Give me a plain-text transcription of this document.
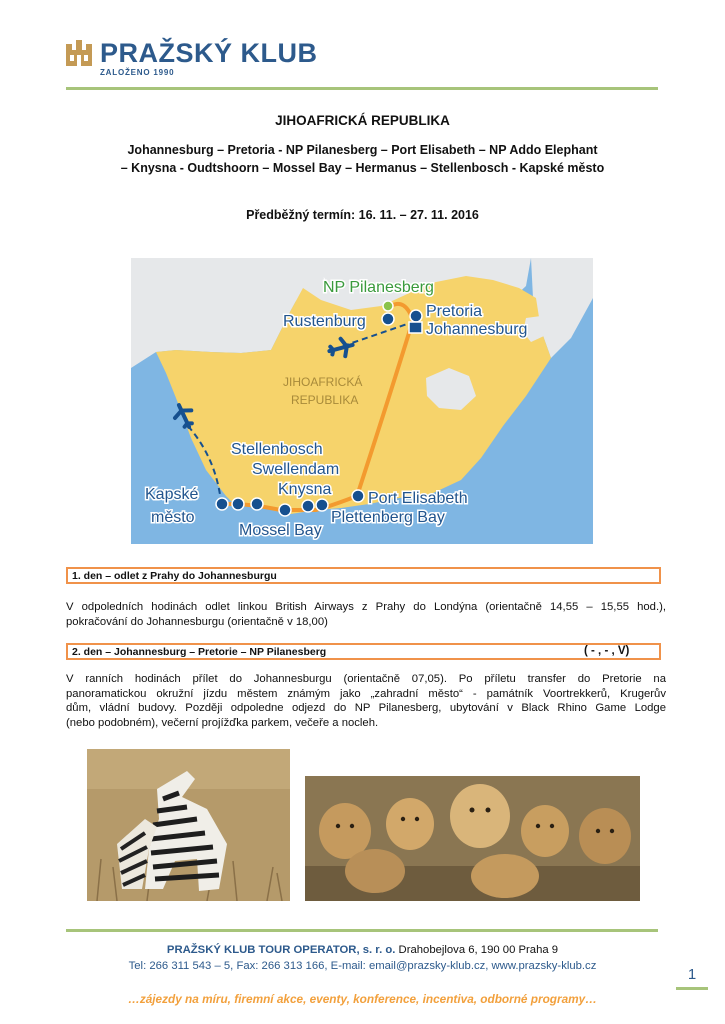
PRAŽSKÝ KLUB
ZALOŽENO 1990
JIHOAFRICKÁ REPUBLIKA
Johannesburg – Pretoria - NP Pilanesberg – Port Elisabeth – NP Addo Elephant
– Knysna - Oudtshoorn – Mossel Bay – Hermanus – Stellenbosch - Kapské město
Předběžný termín: 16. 11. – 27. 11. 2016
NP Pilanesberg
Pretoria
Rustenburg	Johannesburg
Stellenbosch
Swellendam
Knysna
Kapské
město
Port Elisabeth
Plettenberg Bay
Mossel Bay
JIHOAFRICKÁ
REPUBLIKA
1. den – odlet z Prahy do Johannesburgu
V odpoledních hodinách odlet linkou British Airways z Prahy do Londýna (orientačně 14,55 – 15,55 hod.),
pokračování do Johannesburgu (orientačně v 18,00)
2. den – Johannesburg – Pretorie – NP Pilanesberg	( - , - , V)
V ranních hodinách přílet do Johannesburgu (orientačně 07,05). Po příletu transfer do Pretorie na
panoramatickou okružní jízdu městem známým jako „zahradní město“ - památník Voortrekkerů, Krugerův
dům, vládní budovy. Později odpoledne odjezd do NP Pilanesberg, ubytování v Black Rhino Game Lodge
(nebo podobném), večerní projížďka parkem, večeře a nocleh.
PRAŽSKÝ KLUB TOUR OPERATOR, s. r. o. Drahobejlova 6, 190 00 Praha 9
Tel: 266 311 543 – 5, Fax: 266 313 166, E-mail: email@prazsky-klub.cz, www.prazsky-klub.cz	1
…zájezdy na míru, firemní akce, eventy, konference, incentiva, odborné programy…
